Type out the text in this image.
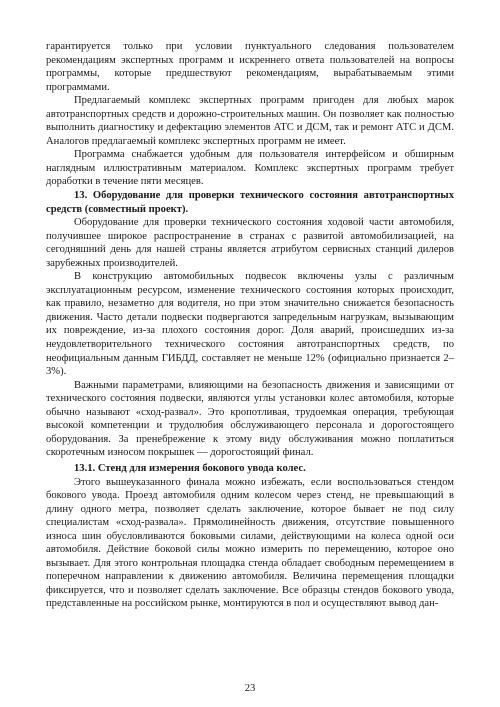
гарантируется только при условии пунктуального следования пользователем рекомендациям экспертных программ и искреннего ответа пользователей на вопросы программы, которые предшествуют рекомендациям, вырабатываемым этими программами.

Предлагаемый комплекс экспертных программ пригоден для любых марок автотранспортных средств и дорожно-строительных машин. Он позволяет как полностью выполнить диагностику и дефектацию элементов АТС и ДСМ, так и ремонт АТС и ДСМ. Аналогов предлагаемый комплекс экспертных программ не имеет.

Программа снабжается удобным для пользователя интерфейсом и обширным наглядным иллюстративным материалом. Комплекс экспертных программ требует доработки в течение пяти месяцев.

13. Оборудование для проверки технического состояния автотранспортных средств (совместный проект).

Оборудование для проверки технического состояния ходовой части автомобиля, получившее широкое распространение в странах с развитой автомобилизацией, на сегодняшний день для нашей страны является атрибутом сервисных станций дилеров зарубежных производителей.

В конструкцию автомобильных подвесок включены узлы с различным эксплуатационным ресурсом, изменение технического состояния которых происходит, как правило, незаметно для водителя, но при этом значительно снижается безопасность движения. Часто детали подвески подвергаются запредельным нагрузкам, вызывающим их повреждение, из-за плохого состояния дорог. Доля аварий, происшедших из-за неудовлетворительного технического состояния автотранспортных средств, по неофициальным данным ГИБДД, составляет не меньше 12% (официально признается 2–3%).

Важными параметрами, влияющими на безопасность движения и зависящими от технического состояния подвески, являются углы установки колес автомобиля, которые обычно называют «сход-развал». Это кропотливая, трудоемкая операция, требующая высокой компетенции и трудолюбия обслуживающего персонала и дорогостоящего оборудования. За пренебрежение к этому виду обслуживания можно поплатиться скоротечным износом покрышек — дорогостоящий финал.

13.1. Стенд для измерения бокового увода колес.

Этого вышеуказанного финала можно избежать, если воспользоваться стендом бокового увода. Проезд автомобиля одним колесом через стенд, не превышающий в длину одного метра, позволяет сделать заключение, которое бывает не под силу специалистам «сход-развала». Прямолинейность движения, отсутствие повышенного износа шин обусловливаются боковыми силами, действующими на колеса одной оси автомобиля. Действие боковой силы можно измерить по перемещению, которое оно вызывает. Для этого контрольная площадка стенда обладает свободным перемещением в поперечном направлении к движению автомобиля. Величина перемещения площадки фиксируется, что и позволяет сделать заключение. Все образцы стендов бокового увода, представленные на российском рынке, монтируются в пол и осуществляют вывод дан-

23
